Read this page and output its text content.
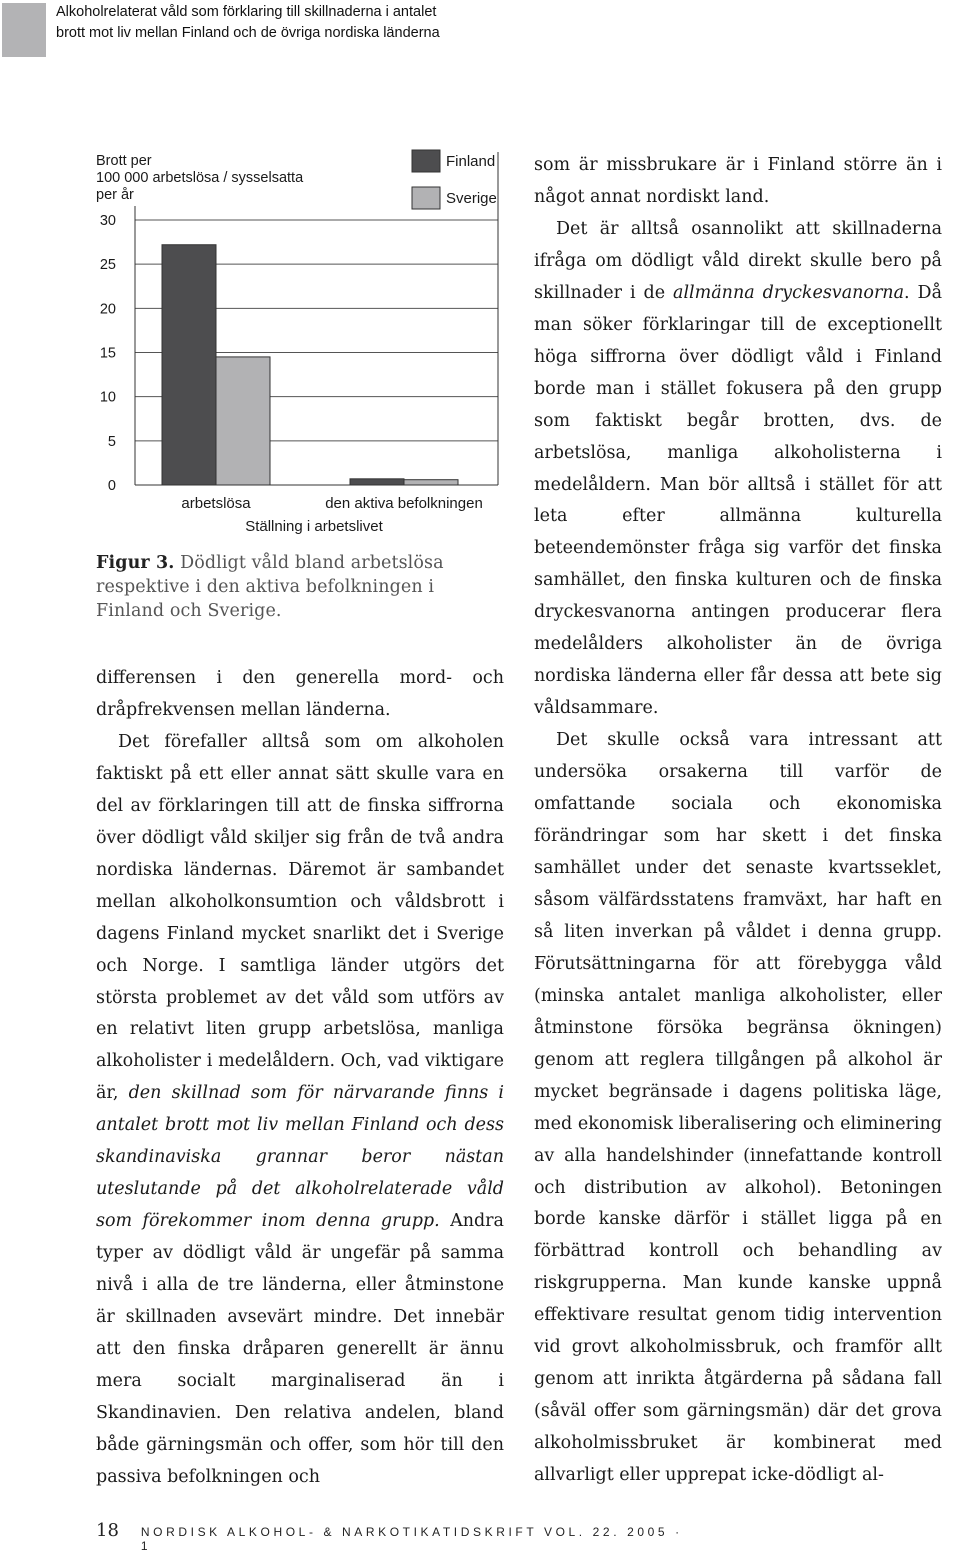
Alkoholrelaterat våld som förklaring till skillnaderna i antalet
brott mot liv mellan Finland och de övriga nordiska länderna
Brott per
100 000 arbetslösa / sysselsatta
per år
0
5
10
15
20
25
30
arbetslösa	den aktiva befolkningen
Ställning i arbetslivet
Finland
Sverige
Figur 3. Dödligt våld bland arbetslösa respektive i den aktiva befolkningen i Finland och Sverige.

differensen i den generella mord- och dråpfrekvensen mellan länderna.

Det förefaller alltså som om alkoholen faktiskt på ett eller annat sätt skulle vara en del av förklaringen till att de finska siffrorna över dödligt våld skiljer sig från de två andra nordiska ländernas. Däremot är sambandet mellan alkoholkonsumtion och våldsbrott i dagens Finland mycket snarlikt det i Sverige och Norge. I samtliga länder utgörs det största problemet av det våld som utförs av en relativt liten grupp arbetslösa, manliga alkoholister i medelåldern. Och, vad viktigare är, den skillnad som för närvarande finns i antalet brott mot liv mellan Finland och dess skandinaviska grannar beror nästan uteslutande på det alkoholrelaterade våld som förekommer inom denna grupp. Andra typer av dödligt våld är ungefär på samma nivå i alla de tre länderna, eller åtminstone är skillnaden avsevärt mindre. Det innebär att den finska dråparen generellt är ännu mera socialt marginaliserad än i Skandinavien. Den relativa andelen, bland både gärningsmän och offer, som hör till den passiva befolkningen och

som är missbrukare är i Finland större än i något annat nordiskt land.

Det är alltså osannolikt att skillnaderna ifråga om dödligt våld direkt skulle bero på skillnader i de allmänna dryckesvanorna. Då man söker förklaringar till de exceptionellt höga siffrorna över dödligt våld i Finland borde man i stället fokusera på den grupp som faktiskt begår brotten, dvs. de arbetslösa, manliga alkoholisterna i medelåldern. Man bör alltså i stället för att leta efter allmänna kulturella beteendemönster fråga sig varför det finska samhället, den finska kulturen och de finska dryckesvanorna antingen producerar flera medelålders alkoholister än de övriga nordiska länderna eller får dessa att bete sig våldsammare.

Det skulle också vara intressant att undersöka orsakerna till varför de omfattande sociala och ekonomiska förändringar som har skett i det finska samhället under det senaste kvartsseklet, såsom välfärdsstatens framväxt, har haft en så liten inverkan på våldet i denna grupp. Förutsättningarna för att förebygga våld (minska antalet manliga alkoholister, eller åtminstone försöka begränsa ökningen) genom att reglera tillgången på alkohol är mycket begränsade i dagens politiska läge, med ekonomisk liberalisering och eliminering av alla handelshinder (innefattande kontroll och distribution av alkohol). Betoningen borde kanske därför i stället ligga på en förbättrad kontroll och behandling av riskgrupperna. Man kunde kanske uppnå effektivare resultat genom tidig intervention vid grovt alkoholmissbruk, och framför allt genom att inrikta åtgärderna på sådana fall (såväl offer som gärningsmän) där det grova alkoholmissbruket är kombinerat med allvarligt eller upprepat icke-dödligt al-

18 NORDISK ALKOHOL- & NARKOTIKATIDSKRIFT VOL. 22. 2005 · 1
